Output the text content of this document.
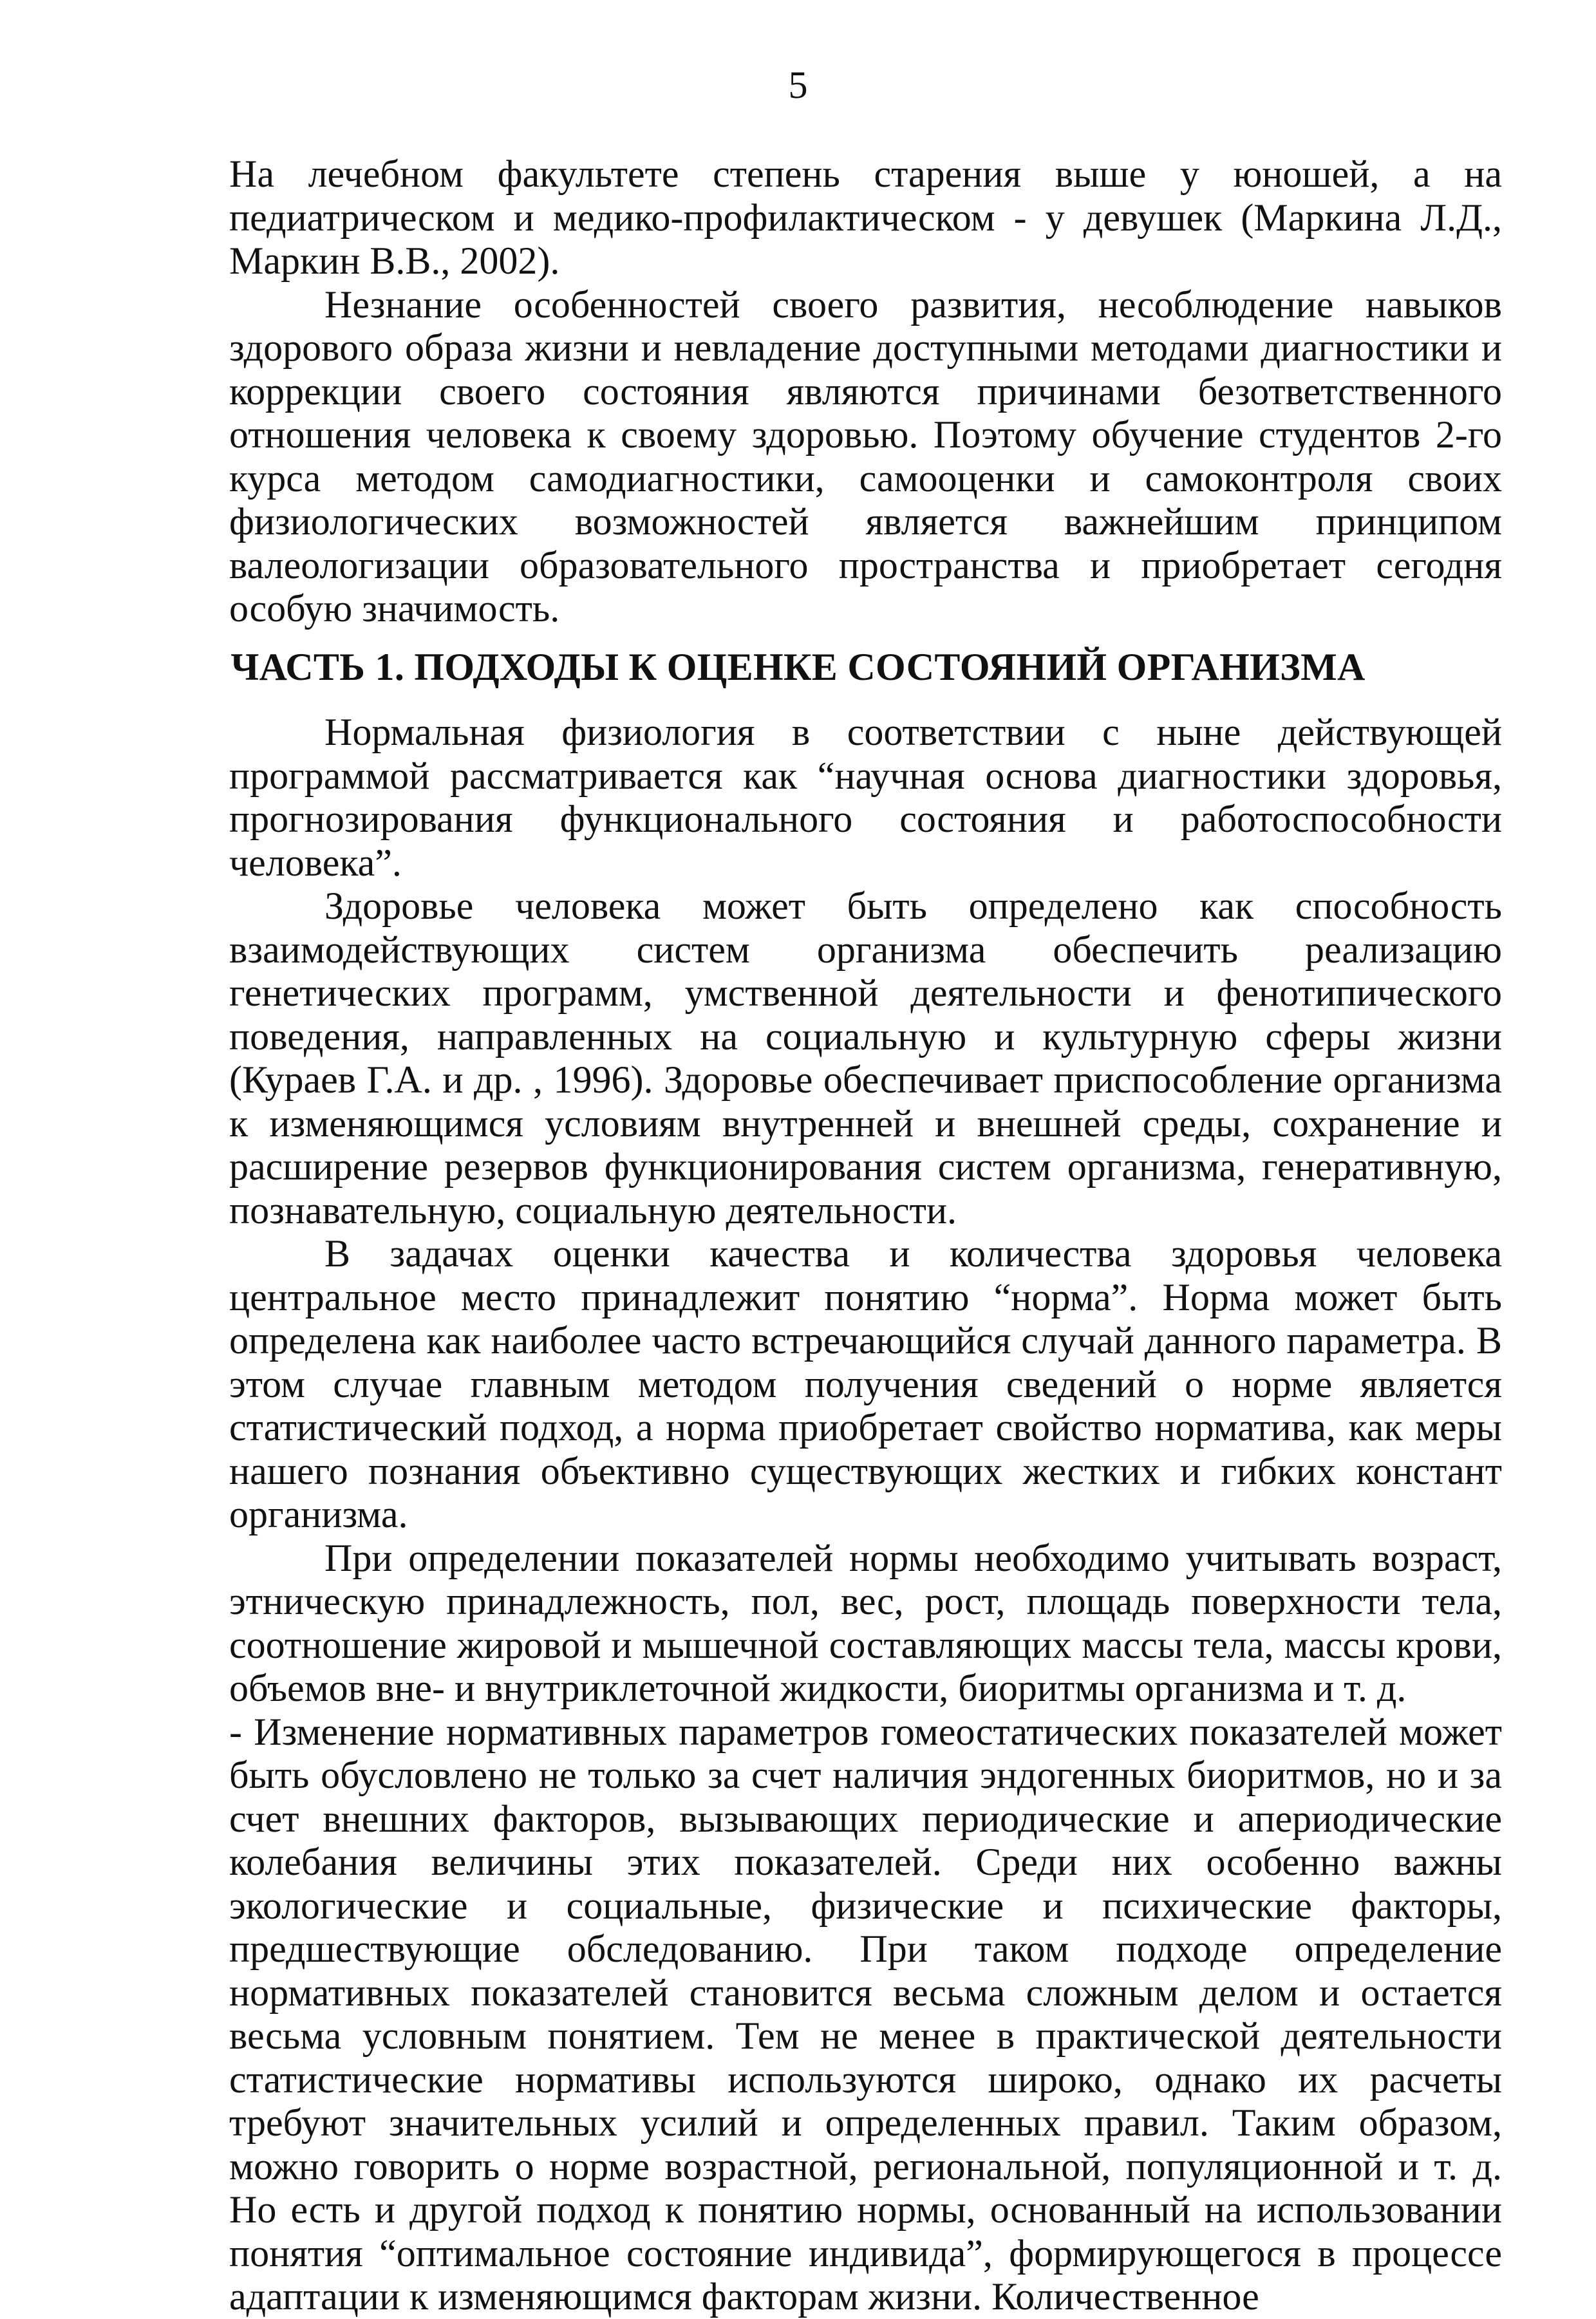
5

На лечебном факультете степень старения выше у юношей, а на педиатрическом и медико-профилактическом - у девушек (Маркина Л.Д., Маркин В.В., 2002).

Незнание особенностей своего развития, несоблюдение навыков здорового образа жизни и невладение доступными методами диагностики и коррекции своего состояния являются причинами безответственного отношения человека к своему здоровью. Поэтому обучение студентов 2-го курса методом самодиагностики, самооценки и самоконтроля своих физиологических возможностей является важнейшим принципом валеологизации образовательного пространства и приобретает сегодня особую значимость.

ЧАСТЬ 1. ПОДХОДЫ К ОЦЕНКЕ СОСТОЯНИЙ ОРГАНИЗМА

Нормальная физиология в соответствии с ныне действующей программой рассматривается как “научная основа диагностики здоровья, прогнозирования функционального состояния и работоспособности человека”.

Здоровье человека может быть определено как способность взаимодействующих систем организма обеспечить реализацию генетических программ, умственной деятельности и фенотипического поведения, направленных на социальную и культурную сферы жизни (Кураев Г.А. и др. , 1996). Здоровье обеспечивает приспособление организма к изменяющимся условиям внутренней и внешней среды, сохранение и расширение резервов функционирования систем организма, генеративную, познавательную, социальную деятельности.

В задачах оценки качества и количества здоровья человека центральное место принадлежит понятию “норма”. Норма может быть определена как наиболее часто встречающийся случай данного параметра. В этом случае главным методом получения сведений о норме является статистический подход, а норма приобретает свойство норматива, как меры нашего познания объективно существующих жестких и гибких констант организма.

При определении показателей нормы необходимо учитывать возраст, этническую принадлежность, пол, вес, рост, площадь поверхности тела, соотношение жировой и мышечной составляющих массы тела, массы крови, объемов вне- и внутриклеточной жидкости, биоритмы организма и т. д.

- Изменение нормативных параметров гомеостатических показателей может быть обусловлено не только за счет наличия эндогенных биоритмов, но и за счет внешних факторов, вызывающих периодические и апериодические колебания величины этих показателей. Среди них особенно важны экологические и социальные, физические и психические факторы, предшествующие обследованию. При таком подходе определение нормативных показателей становится весьма сложным делом и остается весьма условным понятием. Тем не менее в практической деятельности статистические нормативы используются широко, однако их расчеты требуют значительных усилий и определенных правил. Таким образом, можно говорить о норме возрастной, региональной, популяционной и т. д. Но есть и другой подход к понятию нормы, основанный на использовании понятия “оптимальное состояние индивида”, формирующегося в процессе адаптации к изменяющимся факторам жизни. Количественное
